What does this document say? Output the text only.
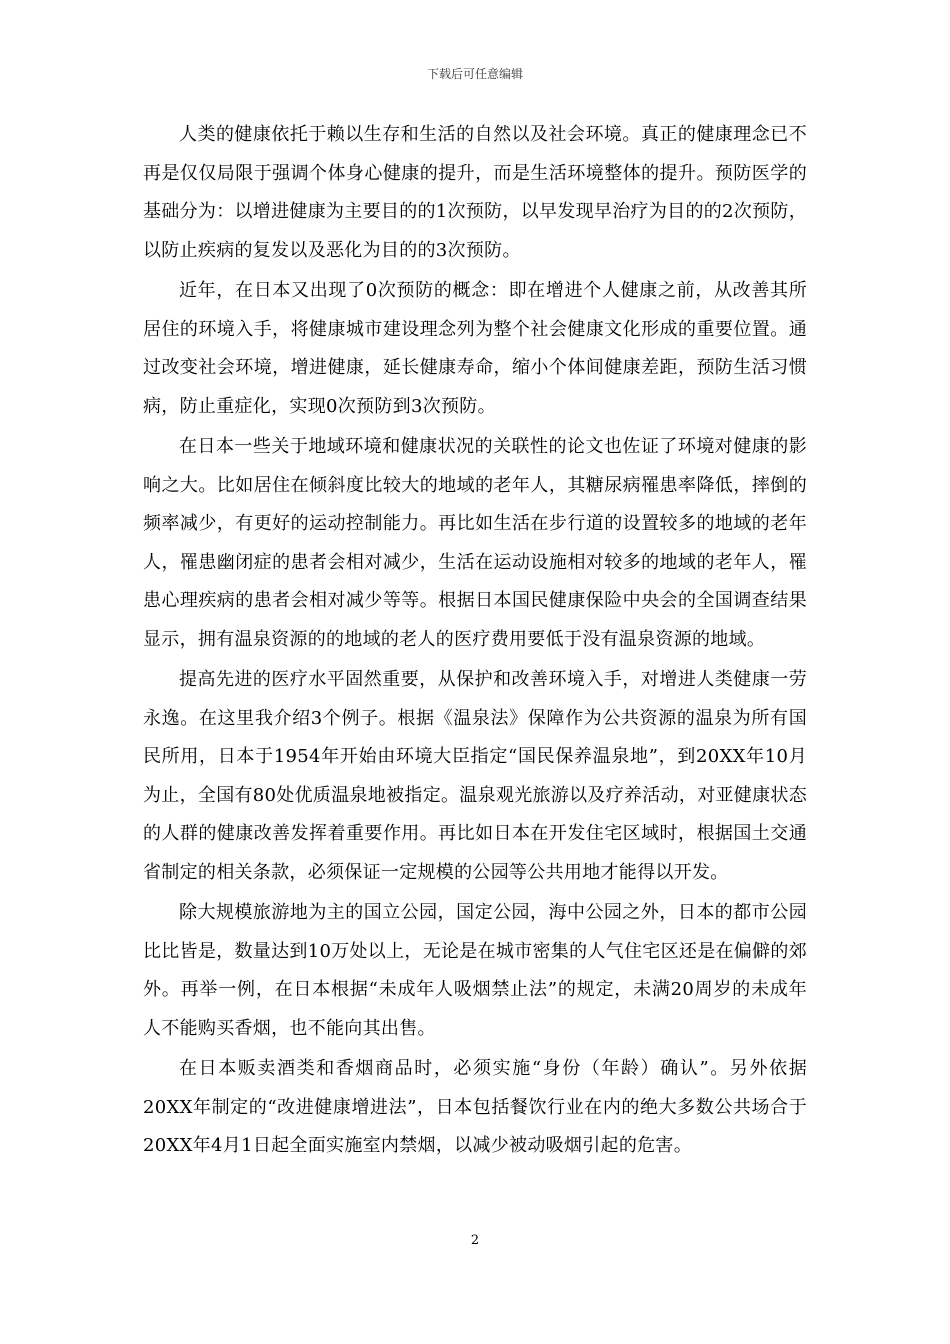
下载后可任意编辑

人类的健康依托于赖以生存和生活的自然以及社会环境。真正的健康理念已不再是仅仅局限于强调个体身心健康的提升，而是生活环境整体的提升。预防医学的基础分为：以增进健康为主要目的的1次预防，以早发现早治疗为目的的2次预防，以防止疾病的复发以及恶化为目的的3次预防。

近年，在日本又出现了0次预防的概念：即在增进个人健康之前，从改善其所居住的环境入手，将健康城市建设理念列为整个社会健康文化形成的重要位置。通过改变社会环境，增进健康，延长健康寿命，缩小个体间健康差距，预防生活习惯病，防止重症化，实现0次预防到3次预防。

在日本一些关于地域环境和健康状况的关联性的论文也佐证了环境对健康的影响之大。比如居住在倾斜度比较大的地域的老年人，其糖尿病罹患率降低，摔倒的频率减少，有更好的运动控制能力。再比如生活在步行道的设置较多的地域的老年人，罹患幽闭症的患者会相对减少，生活在运动设施相对较多的地域的老年人，罹患心理疾病的患者会相对减少等等。根据日本国民健康保险中央会的全国调查结果显示，拥有温泉资源的的地域的老人的医疗费用要低于没有温泉资源的地域。

提高先进的医疗水平固然重要，从保护和改善环境入手，对增进人类健康一劳永逸。在这里我介绍3个例子。根据《温泉法》保障作为公共资源的温泉为所有国民所用，日本于1954年开始由环境大臣指定“国民保养温泉地”，到20XX年10月为止，全国有80处优质温泉地被指定。温泉观光旅游以及疗养活动，对亚健康状态的人群的健康改善发挥着重要作用。再比如日本在开发住宅区域时，根据国土交通省制定的相关条款，必须保证一定规模的公园等公共用地才能得以开发。

除大规模旅游地为主的国立公园，国定公园，海中公园之外，日本的都市公园比比皆是，数量达到10万处以上，无论是在城市密集的人气住宅区还是在偏僻的郊外。再举一例，在日本根据“未成年人吸烟禁止法”的规定，未满20周岁的未成年人不能购买香烟，也不能向其出售。

在日本贩卖酒类和香烟商品时，必须实施“身份（年龄）确认”。另外依据20XX年制定的“改进健康增进法”，日本包括餐饮行业在内的绝大多数公共场合于20XX年4月1日起全面实施室内禁烟，以减少被动吸烟引起的危害。

2
